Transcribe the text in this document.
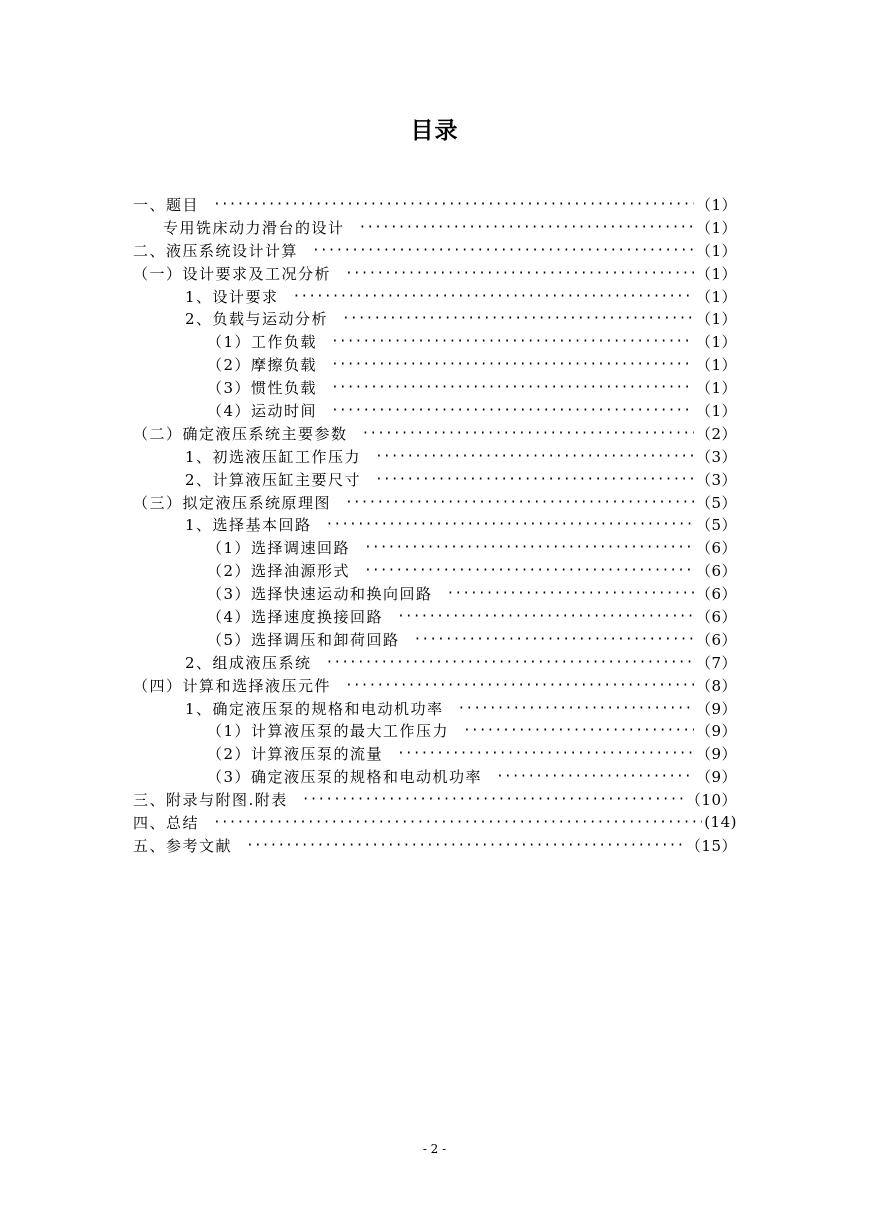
目录
一、题目 ·····	（1）
专用铣床动力滑台的设计 ·····	（1）
二、液压系统设计计算 ·····	（1）
（一）设计要求及工况分析 ·····	（1）
1、设计要求 ·····	（1）
2、负载与运动分析 ·····	（1）
（1）工作负载 ·····	（1）
（2）摩擦负载 ·····	（1）
（3）惯性负载 ·····	（1）
（4）运动时间 ·····	（1）
（二）确定液压系统主要参数 ·····	（2）
1、初选液压缸工作压力 ·····	（3）
2、计算液压缸主要尺寸 ·····	（3）
（三）拟定液压系统原理图 ·····	（5）
1、选择基本回路 ·····	（5）
（1）选择调速回路 ·····	（6）
（2）选择油源形式 ·····	（6）
（3）选择快速运动和换向回路 ·····	（6）
（4）选择速度换接回路 ·····	（6）
（5）选择调压和卸荷回路 ·····	（6）
2、组成液压系统 ·····	（7）
（四）计算和选择液压元件 ·····	（8）
1、确定液压泵的规格和电动机功率 ·····	（9）
（1）计算液压泵的最大工作压力 ·····	（9）
（2）计算液压泵的流量 ·····	（9）
（3）确定液压泵的规格和电动机功率 ·····	（9）
三、附录与附图.附表 ·····	（10）
四、总结 ·····	(14)
五、参考文献 ·····	（15）
- 2 -
